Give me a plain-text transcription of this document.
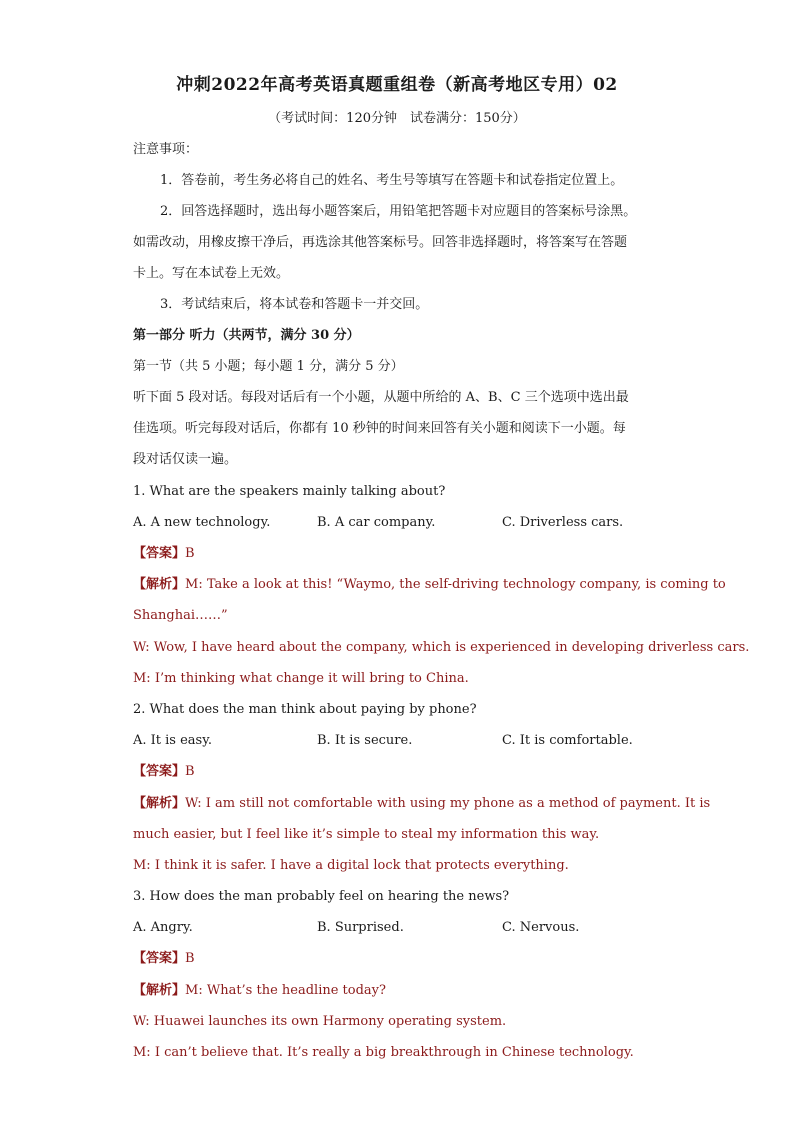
冲刺2022年高考英语真题重组卷（新高考地区专用）02
（考试时间：120分钟　试卷满分：150分）
注意事项：
1．答卷前，考生务必将自己的姓名、考生号等填写在答题卡和试卷指定位置上。
2．回答选择题时，选出每小题答案后，用铅笔把答题卡对应题目的答案标号涂黑。
如需改动，用橡皮擦干净后，再选涂其他答案标号。回答非选择题时，将答案写在答题
卡上。写在本试卷上无效。
3．考试结束后，将本试卷和答题卡一并交回。
第一部分 听力（共两节，满分 30 分）
第一节（共 5 小题；每小题 1 分，满分 5 分）
听下面 5 段对话。每段对话后有一个小题，从题中所给的 A、B、C 三个选项中选出最
佳选项。听完每段对话后，你都有 10 秒钟的时间来回答有关小题和阅读下一小题。每
段对话仅读一遍。
1. What are the speakers mainly talking about?
A. A new technology.	B. A car company.	C. Driverless cars.
【答案】B
【解析】M: Take a look at this! “Waymo, the self-driving technology company, is coming to
Shanghai……”
W: Wow, I have heard about the company, which is experienced in developing driverless cars.
M: I’m thinking what change it will bring to China.
2. What does the man think about paying by phone?
A. It is easy.	B. It is secure.	C. It is comfortable.
【答案】B
【解析】W: I am still not comfortable with using my phone as a method of payment. It is
much easier, but I feel like it’s simple to steal my information this way.
M: I think it is safer. I have a digital lock that protects everything.
3. How does the man probably feel on hearing the news?
A. Angry.	B. Surprised.	C. Nervous.
【答案】B
【解析】M: What’s the headline today?
W: Huawei launches its own Harmony operating system.
M: I can’t believe that. It’s really a big breakthrough in Chinese technology.
